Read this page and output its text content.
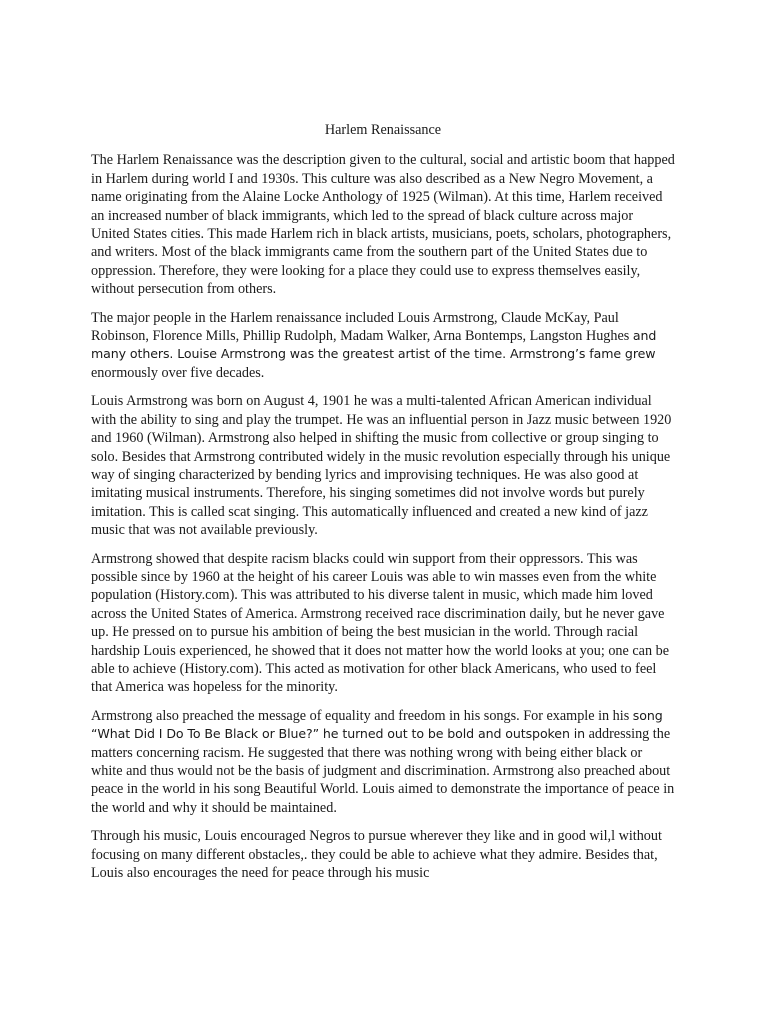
Harlem Renaissance

The Harlem Renaissance was the description given to the cultural, social and artistic boom that happed in Harlem during world I and 1930s. This culture was also described as a New Negro Movement, a name originating from the Alaine Locke Anthology of 1925 (Wilman). At this time, Harlem received an increased number of black immigrants, which led to the spread of black culture across major United States cities. This made Harlem rich in black artists, musicians, poets, scholars, photographers, and writers. Most of the black immigrants came from the southern part of the United States due to oppression. Therefore, they were looking for a place they could use to express themselves easily, without persecution from others.

The major people in the Harlem renaissance included Louis Armstrong, Claude McKay, Paul Robinson, Florence Mills, Phillip Rudolph, Madam Walker, Arna Bontemps, Langston Hughes and many others. Louise Armstrong was the greatest artist of the time. Armstrong’s fame grew enormously over five decades.

Louis Armstrong was born on August 4, 1901 he was a multi-talented African American individual with the ability to sing and play the trumpet. He was an influential person in Jazz music between 1920 and 1960 (Wilman). Armstrong also helped in shifting the music from collective or group singing to solo. Besides that Armstrong contributed widely in the music revolution especially through his unique way of singing characterized by bending lyrics and improvising techniques. He was also good at imitating musical instruments. Therefore, his singing sometimes did not involve words but purely imitation. This is called scat singing. This automatically influenced and created a new kind of jazz music that was not available previously.

Armstrong showed that despite racism blacks could win support from their oppressors. This was possible since by 1960 at the height of his career Louis was able to win masses even from the white population (History.com). This was attributed to his diverse talent in music, which made him loved across the United States of America. Armstrong received race discrimination daily, but he never gave up. He pressed on to pursue his ambition of being the best musician in the world. Through racial hardship Louis experienced, he showed that it does not matter how the world looks at you; one can be able to achieve (History.com). This acted as motivation for other black Americans, who used to feel that America was hopeless for the minority.

Armstrong also preached the message of equality and freedom in his songs. For example in his song “What Did I Do To Be Black or Blue?” he turned out to be bold and outspoken in addressing the matters concerning racism. He suggested that there was nothing wrong with being either black or white and thus would not be the basis of judgment and discrimination. Armstrong also preached about peace in the world in his song Beautiful World. Louis aimed to demonstrate the importance of peace in the world and why it should be maintained.

Through his music, Louis encouraged Negros to pursue wherever they like and in good wil,l without focusing on many different obstacles,. they could be able to achieve what they admire. Besides that, Louis also encourages the need for peace through his music
